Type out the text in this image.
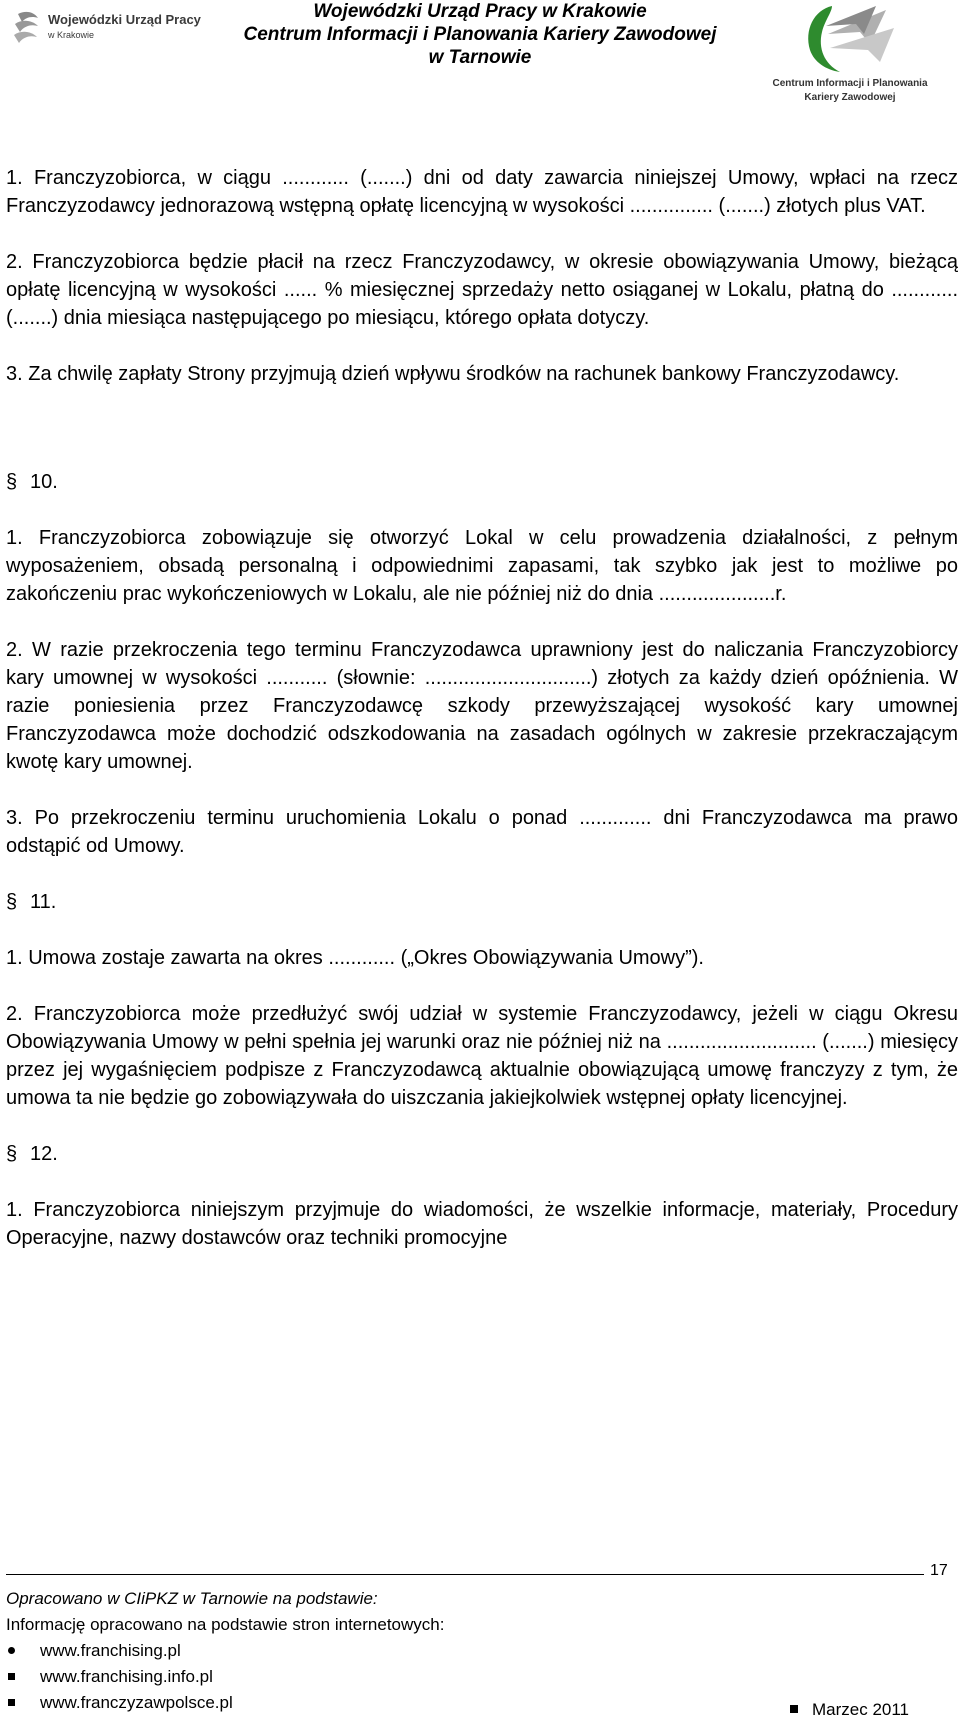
Wojewódzki Urząd Pracy
w Krakowie
Wojewódzki Urząd Pracy w Krakowie
Centrum Informacji i Planowania Kariery Zawodowej
w Tarnowie
Centrum Informacji i Planowania
Kariery Zawodowej

1. Franczyzobiorca, w ciągu ............ (.......) dni od daty zawarcia niniejszej Umowy, wpłaci na rzecz Franczyzodawcy jednorazową wstępną opłatę licencyjną w wysokości ............... (.......) złotych plus VAT.

2. Franczyzobiorca będzie płacił na rzecz Franczyzodawcy, w okresie obowiązywania Umowy, bieżącą opłatę licencyjną w wysokości ...... % miesięcznej sprzedaży netto osiąganej w Lokalu, płatną do ............ (.......) dnia miesiąca następującego po miesiącu, którego opłata dotyczy.

3. Za chwilę zapłaty Strony przyjmują dzień wpływu środków na rachunek bankowy Franczyzodawcy.

§ 10.

1. Franczyzobiorca zobowiązuje się otworzyć Lokal w celu prowadzenia działalności, z pełnym wyposażeniem, obsadą personalną i odpowiednimi zapasami, tak szybko jak jest to możliwe po zakończeniu prac wykończeniowych w Lokalu, ale nie później niż do dnia .....................r.

2. W razie przekroczenia tego terminu Franczyzodawca uprawniony jest do naliczania Franczyzobiorcy kary umownej w wysokości ........... (słownie: ..............................) złotych za każdy dzień opóźnienia. W razie poniesienia przez Franczyzodawcę szkody przewyższającej wysokość kary umownej Franczyzodawca może dochodzić odszkodowania na zasadach ogólnych w zakresie przekraczającym kwotę kary umownej.

3. Po przekroczeniu terminu uruchomienia Lokalu o ponad ............. dni Franczyzodawca ma prawo odstąpić od Umowy.

§ 11.

1. Umowa zostaje zawarta na okres ............ („Okres Obowiązywania Umowy”).

2. Franczyzobiorca może przedłużyć swój udział w systemie Franczyzodawcy, jeżeli w ciągu Okresu Obowiązywania Umowy w pełni spełnia jej warunki oraz nie później niż na ........................... (.......) miesięcy przez jej wygaśnięciem podpisze z Franczyzodawcą aktualnie obowiązującą umowę franczyzy z tym, że umowa ta nie będzie go zobowiązywała do uiszczania jakiejkolwiek wstępnej opłaty licencyjnej.

§ 12.

1. Franczyzobiorca niniejszym przyjmuje do wiadomości, że wszelkie informacje, materiały, Procedury Operacyjne, nazwy dostawców oraz techniki promocyjne

17
Opracowano w CIiPKZ w Tarnowie na podstawie:
Informację opracowano na podstawie stron internetowych:
www.franchising.pl
www.franchising.info.pl
www.franczyzawpolsce.pl	Marzec 2011
